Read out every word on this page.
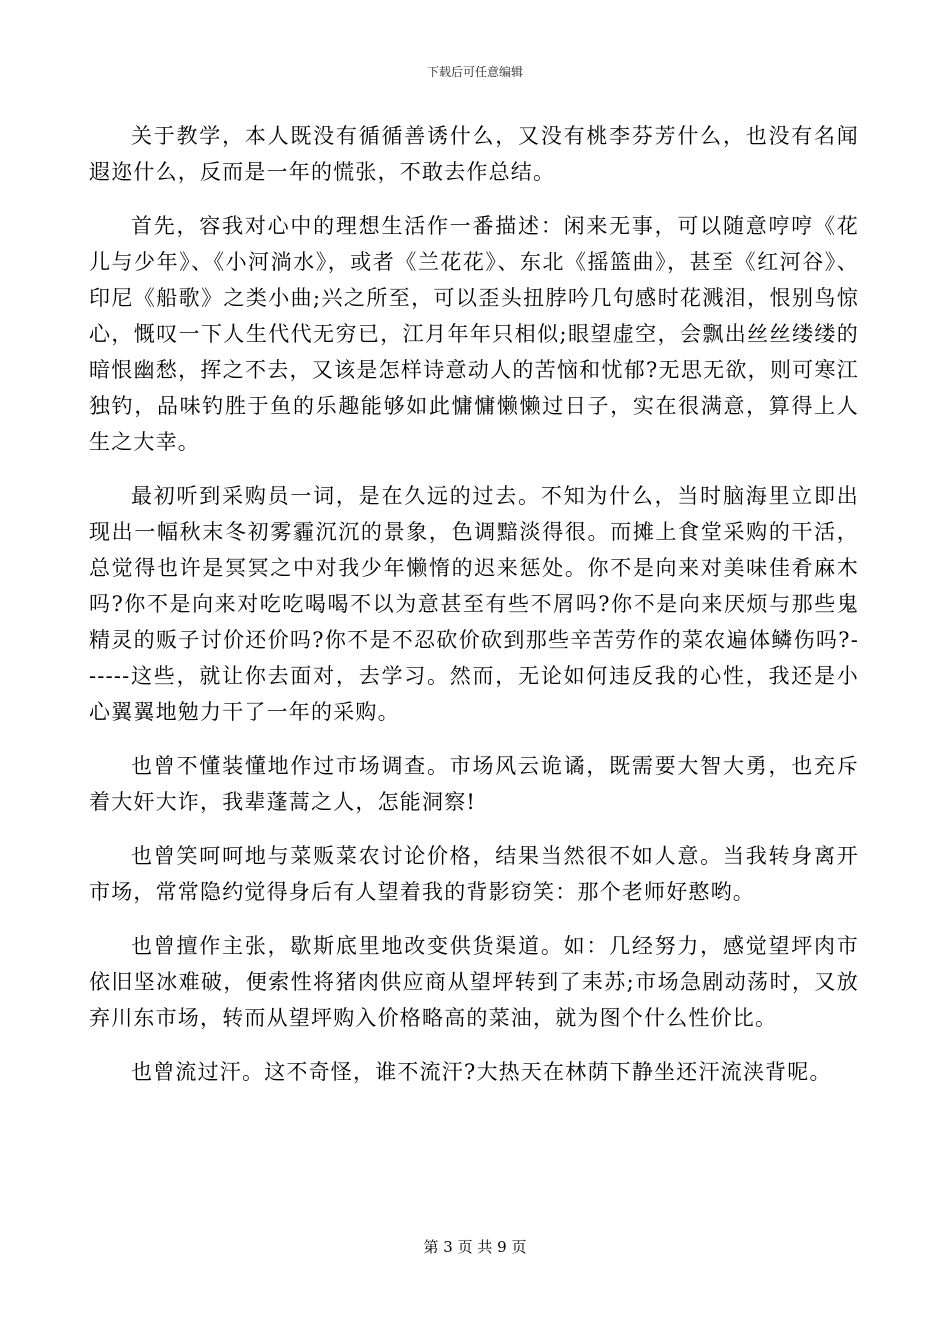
下载后可任意编辑

关于教学，本人既没有循循善诱什么，又没有桃李芬芳什么，也没有名闻遐迩什么，反而是一年的慌张，不敢去作总结。

首先，容我对心中的理想生活作一番描述：闲来无事，可以随意哼哼《花儿与少年》、《小河淌水》，或者《兰花花》、东北《摇篮曲》，甚至《红河谷》、印尼《船歌》之类小曲;兴之所至，可以歪头扭脖吟几句感时花溅泪，恨别鸟惊心，慨叹一下人生代代无穷已，江月年年只相似;眼望虚空，会飘出丝丝缕缕的暗恨幽愁，挥之不去，又该是怎样诗意动人的苦恼和忧郁?无思无欲，则可寒江独钓，品味钓胜于鱼的乐趣能够如此慵慵懒懒过日子，实在很满意，算得上人生之大幸。

最初听到采购员一词，是在久远的过去。不知为什么，当时脑海里立即出现出一幅秋末冬初雾霾沉沉的景象，色调黯淡得很。而摊上食堂采购的干活，总觉得也许是冥冥之中对我少年懒惰的迟来惩处。你不是向来对美味佳肴麻木吗?你不是向来对吃吃喝喝不以为意甚至有些不屑吗?你不是向来厌烦与那些鬼精灵的贩子讨价还价吗?你不是不忍砍价砍到那些辛苦劳作的菜农遍体鳞伤吗?------这些，就让你去面对，去学习。然而，无论如何违反我的心性，我还是小心翼翼地勉力干了一年的采购。

也曾不懂装懂地作过市场调查。市场风云诡谲，既需要大智大勇，也充斥着大奸大诈，我辈蓬蒿之人，怎能洞察!

也曾笑呵呵地与菜贩菜农讨论价格，结果当然很不如人意。当我转身离开市场，常常隐约觉得身后有人望着我的背影窃笑：那个老师好憨哟。

也曾擅作主张，歇斯底里地改变供货渠道。如：几经努力，感觉望坪肉市依旧坚冰难破，便索性将猪肉供应商从望坪转到了耒苏;市场急剧动荡时，又放弃川东市场，转而从望坪购入价格略高的菜油，就为图个什么性价比。

也曾流过汗。这不奇怪，谁不流汗?大热天在林荫下静坐还汗流浃背呢。

第 3 页 共 9 页
